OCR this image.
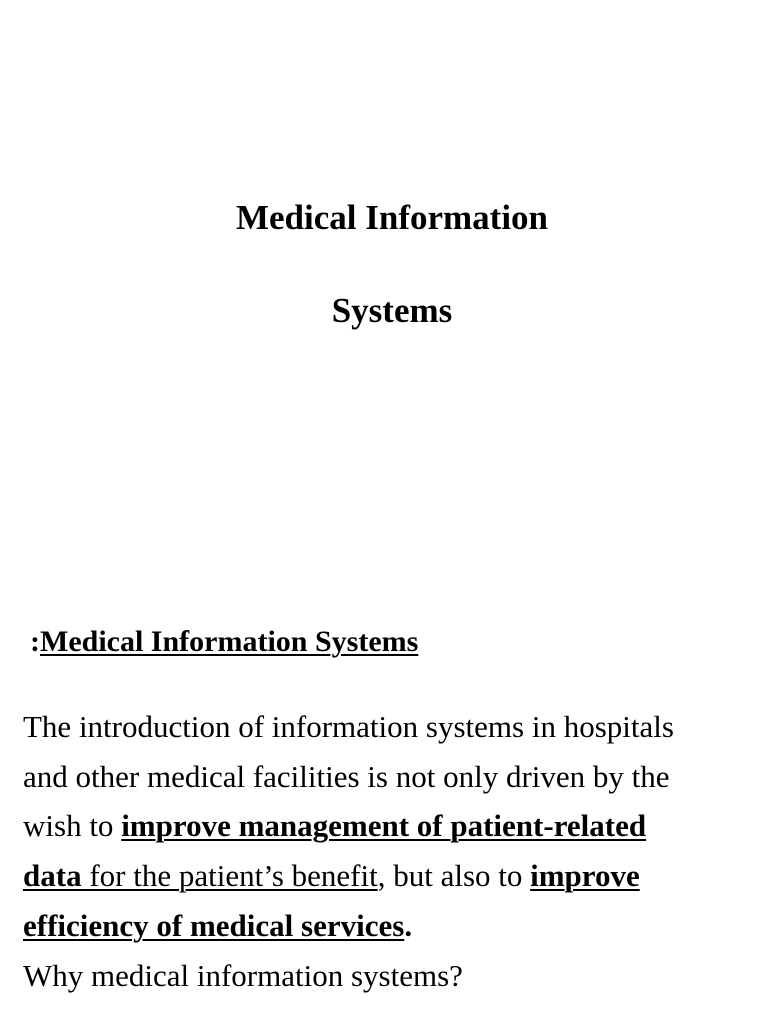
Medical Information
Systems
:Medical Information Systems

The introduction of information systems in hospitals
and other medical facilities is not only driven by the
wish to improve management of patient-related
data for the patient’s benefit, but also to improve
efficiency of medical services.

Why medical information systems?
